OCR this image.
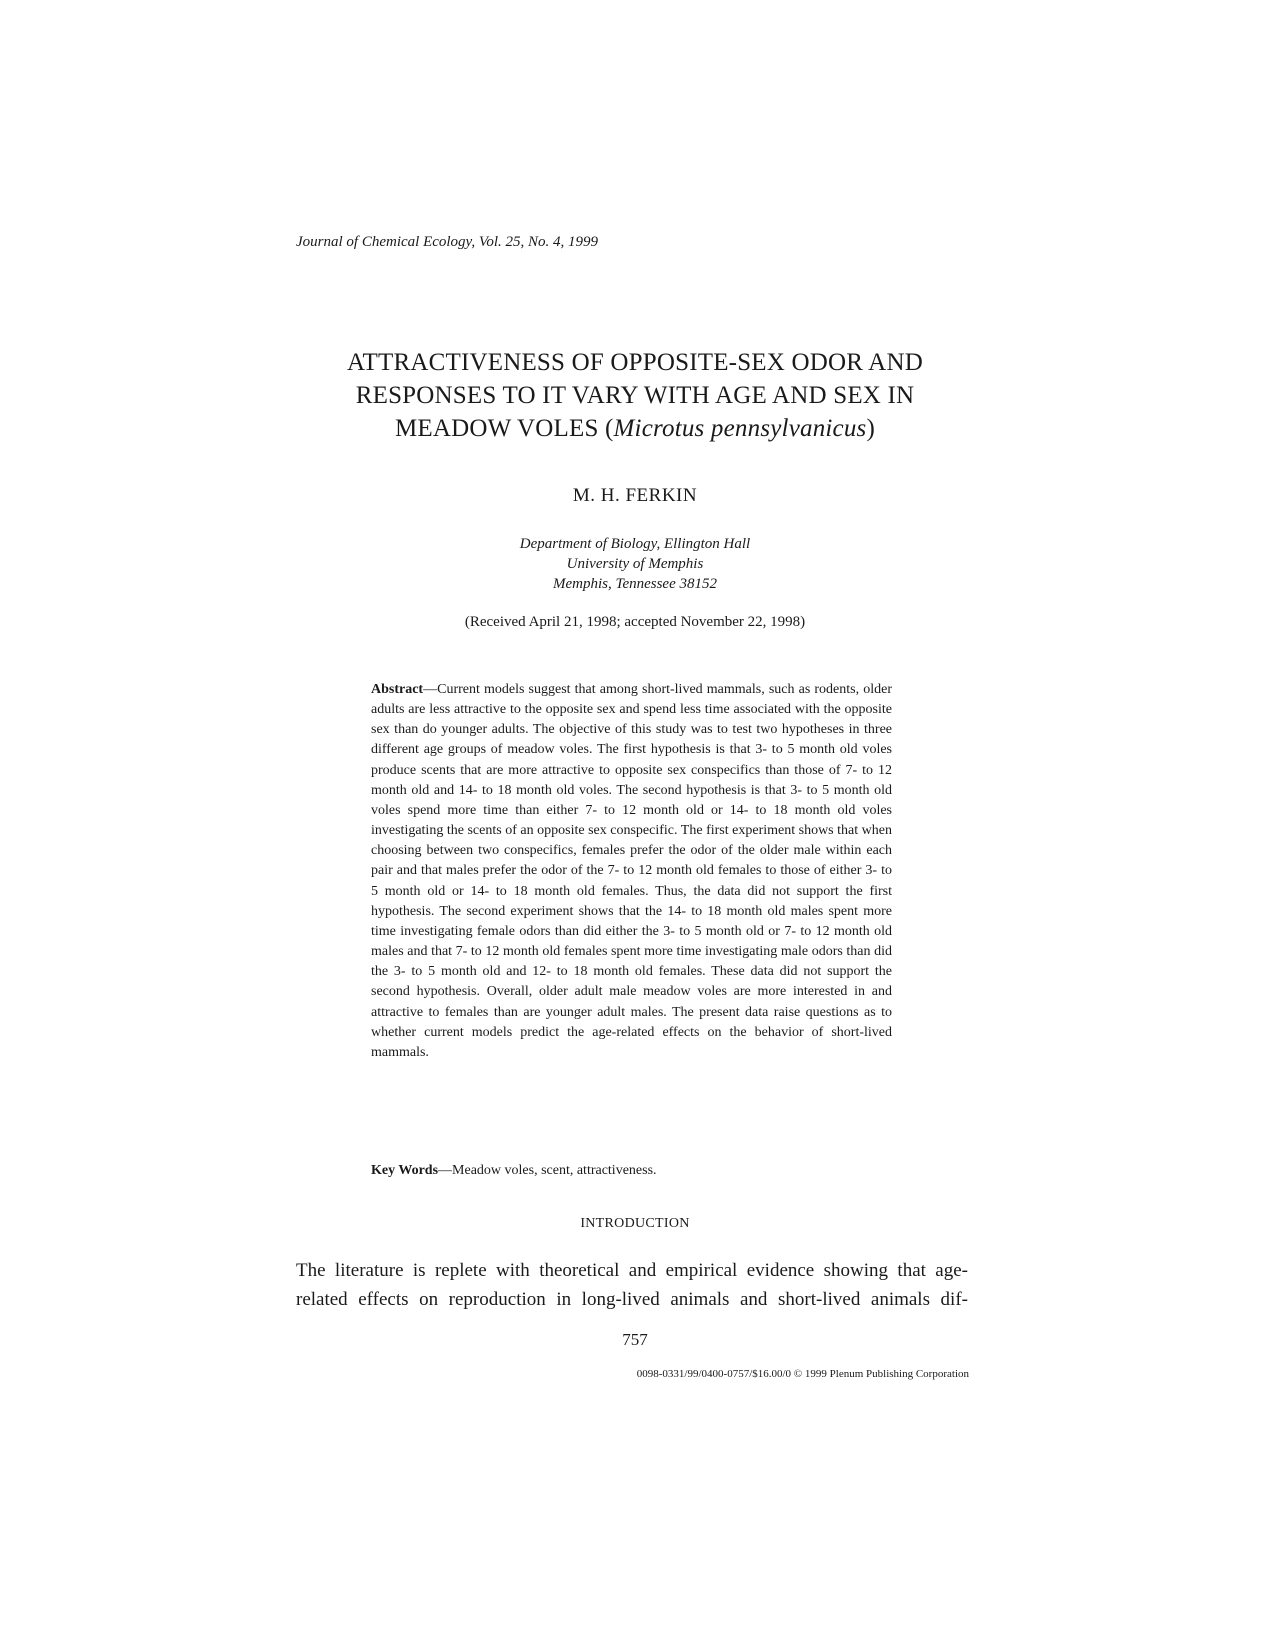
Journal of Chemical Ecology, Vol. 25, No. 4, 1999
ATTRACTIVENESS OF OPPOSITE-SEX ODOR AND
RESPONSES TO IT VARY WITH AGE AND SEX IN
MEADOW VOLES (Microtus pennsylvanicus)
M. H. FERKIN
Department of Biology, Ellington Hall
University of Memphis
Memphis, Tennessee 38152
(Received April 21, 1998; accepted November 22, 1998)
Abstract—Current models suggest that among short-lived mammals, such as rodents, older adults are less attractive to the opposite sex and spend less time associated with the opposite sex than do younger adults. The objective of this study was to test two hypotheses in three different age groups of meadow voles. The first hypothesis is that 3- to 5 month old voles produce scents that are more attractive to opposite sex conspecifics than those of 7- to 12 month old and 14- to 18 month old voles. The second hypothesis is that 3- to 5 month old voles spend more time than either 7- to 12 month old or 14- to 18 month old voles investigating the scents of an opposite sex conspecific. The first experiment shows that when choosing between two conspecifics, females prefer the odor of the older male within each pair and that males prefer the odor of the 7- to 12 month old females to those of either 3- to 5 month old or 14- to 18 month old females. Thus, the data did not support the first hypothesis. The second experiment shows that the 14- to 18 month old males spent more time investigating female odors than did either the 3- to 5 month old or 7- to 12 month old males and that 7- to 12 month old females spent more time investigating male odors than did the 3- to 5 month old and 12- to 18 month old females. These data did not support the second hypothesis. Overall, older adult male meadow voles are more interested in and attractive to females than are younger adult males. The present data raise questions as to whether current models predict the age-related effects on the behavior of short-lived mammals.
Key Words—Meadow voles, scent, attractiveness.
INTRODUCTION
The literature is replete with theoretical and empirical evidence showing that age-
related effects on reproduction in long-lived animals and short-lived animals dif-
757
0098-0331/99/0400-0757/$16.00/0 © 1999 Plenum Publishing Corporation
